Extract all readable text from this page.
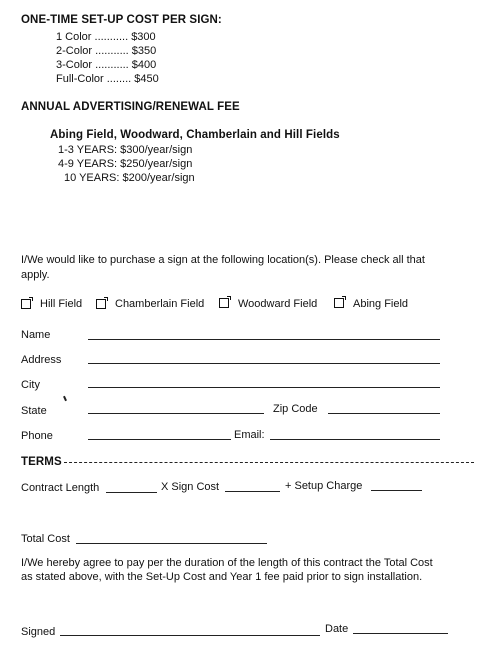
ONE-TIME SET-UP COST PER SIGN:
1 Color ........... $300
2-Color ........... $350
3-Color ........... $400
Full-Color ........ $450
ANNUAL ADVERTISING/RENEWAL FEE
Abing Field, Woodward, Chamberlain and Hill Fields
1-3 YEARS: $300/year/sign
4-9 YEARS: $250/year/sign
10 YEARS: $200/year/sign
I/We would like to purchase a sign at the following location(s). Please check all that
apply.
Hill Field	Chamberlain Field	Woodward Field	Abing Field
Name
Address
City
State	Zip Code
Phone	Email:
TERMS
Contract Length	X Sign Cost	+ Setup Charge
Total Cost
I/We hereby agree to pay per the duration of the length of this contract the Total Cost
as stated above, with the Set-Up Cost and Year 1 fee paid prior to sign installation.
Signed	Date
